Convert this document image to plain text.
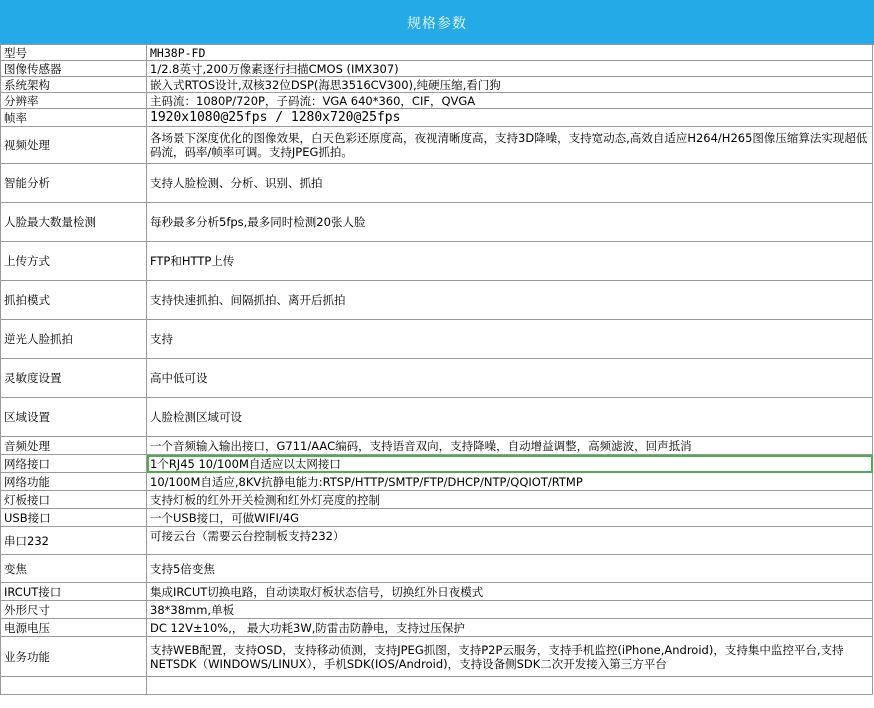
规格参数
型号	MH38P-FD
图像传感器	1/2.8英寸,200万像素逐行扫描CMOS (IMX307)
系统架构	嵌入式RTOS设计,双核32位DSP(海思3516CV300),纯硬压缩,看门狗
分辨率	主码流：1080P/720P，子码流：VGA 640*360，CIF，QVGA
帧率	1920x1080@25fps / 1280x720@25fps
视频处理	各场景下深度优化的图像效果，白天色彩还原度高，夜视清晰度高，支持3D降噪，支持宽动态,高效自适应H264/H265图像压缩算法实现超低码流，码率/帧率可调。支持JPEG抓拍。
智能分析	支持人脸检测、分析、识别、抓拍
人脸最大数量检测	每秒最多分析5fps,最多同时检测20张人脸
上传方式	FTP和HTTP上传
抓拍模式	支持快速抓拍、间隔抓拍、离开后抓拍
逆光人脸抓拍	支持
灵敏度设置	高中低可设
区域设置	人脸检测区域可设
音频处理	一个音频输入输出接口，G711/AAC编码，支持语音双向，支持降噪，自动增益调整，高频滤波，回声抵消
网络接口	1个RJ45 10/100M自适应以太网接口
网络功能	10/100M自适应,8KV抗静电能力:RTSP/HTTP/SMTP/FTP/DHCP/NTP/QQIOT/RTMP
灯板接口	支持灯板的红外开关检测和红外灯亮度的控制
USB接口	一个USB接口，可做WIFI/4G
串口232	可接云台（需要云台控制板支持232）
变焦	支持5倍变焦
IRCUT接口	集成IRCUT切换电路，自动读取灯板状态信号，切换红外日夜模式
外形尺寸	38*38mm,单板
电源电压	DC 12V±10%,， 最大功耗3W,防雷击防静电，支持过压保护
业务功能	支持WEB配置，支持OSD，支持移动侦测，支持JPEG抓图，支持P2P云服务，支持手机监控(iPhone,Android)，支持集中监控平台,支持NETSDK（WINDOWS/LINUX），手机SDK(IOS/Android)，支持设备侧SDK二次开发接入第三方平台
